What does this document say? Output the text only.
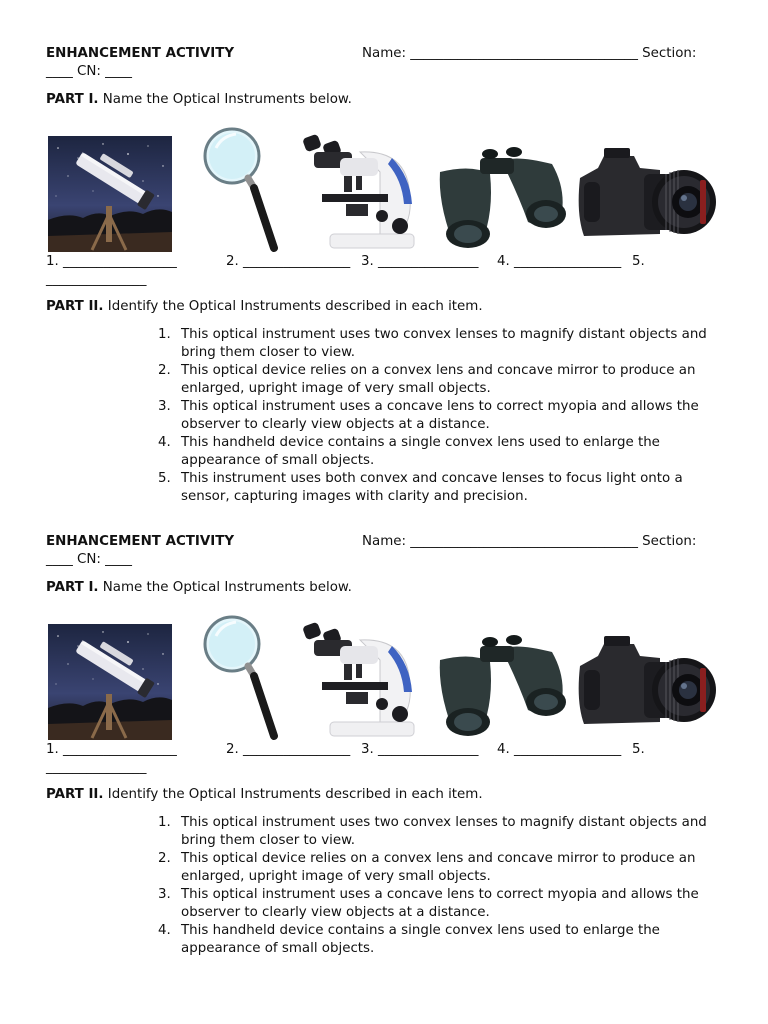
ENHANCEMENT ACTIVITY	Name: __________________________________ Section:
____ CN: ____
PART I. Name the Optical Instruments below.
1. _________________	2. ________________ 3. _______________ 4. ________________ 5.
_______________
PART II. Identify the Optical Instruments described in each item.
1. This optical instrument uses two convex lenses to magnify distant objects and bring them closer to view.
2. This optical device relies on a convex lens and concave mirror to produce an enlarged, upright image of very small objects.
3. This optical instrument uses a concave lens to correct myopia and allows the observer to clearly view objects at a distance.
4. This handheld device contains a single convex lens used to enlarge the appearance of small objects.
5. This instrument uses both convex and concave lenses to focus light onto a sensor, capturing images with clarity and precision.
ENHANCEMENT ACTIVITY	Name: __________________________________ Section:
____ CN: ____
PART I. Name the Optical Instruments below.
1. _________________	2. ________________ 3. _______________ 4. ________________ 5.
_______________
PART II. Identify the Optical Instruments described in each item.
1. This optical instrument uses two convex lenses to magnify distant objects and bring them closer to view.
2. This optical device relies on a convex lens and concave mirror to produce an enlarged, upright image of very small objects.
3. This optical instrument uses a concave lens to correct myopia and allows the observer to clearly view objects at a distance.
4. This handheld device contains a single convex lens used to enlarge the appearance of small objects.
